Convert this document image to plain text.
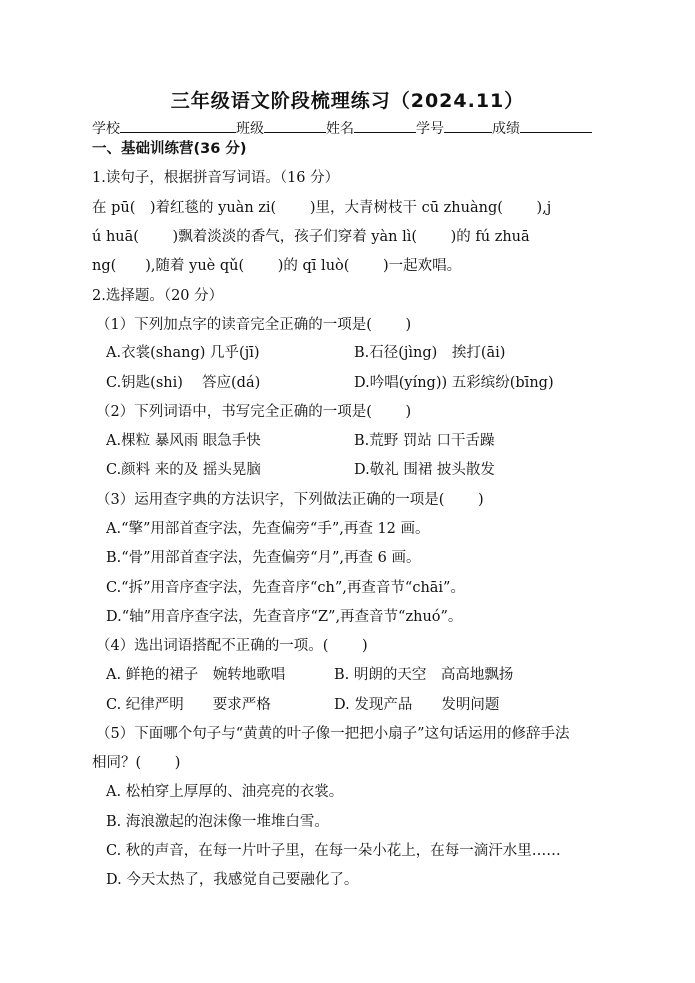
三年级语文阶段梳理练习（2024.11）
学校	班级	姓名	学号	成绩
一、基础训练营(36 分)
1.读句子，根据拼音写词语。（16 分）
在 pū(　)着红毯的 yuàn zi(　　 )里，大青树枝干 cū zhuàng(　　 ),j
ú huā(　　 )飘着淡淡的香气，孩子们穿着 yàn lì(　　 )的 fú zhuā
ng(　　),随着 yuè qǔ(　　 )的 qī luò(　　 )一起欢唱。
2.选择题。（20 分）
（1）下列加点字的读音完全正确的一项是(　　 )
A.衣裳(shang) 几乎(jī)	B.石径(jìng)　挨打(āi)
C.钥匙(shi)　 答应(dá)	D.吟唱(yíng)) 五彩缤纷(bīng)
（2）下列词语中，书写完全正确的一项是(　　 )
A.棵粒 暴风雨 眼急手快	B.荒野 罚站 口干舌躁
C.颜料 来的及 摇头晃脑	D.敬礼 围裙 披头散发
（3）运用查字典的方法识字，下列做法正确的一项是(　　 )
A.“擎”用部首查字法，先查偏旁“手”,再查 12 画。
B.“骨”用部首查字法，先查偏旁“月”,再查 6 画。
C.“拆”用音序查字法，先查音序“ch”,再查音节“chāi”。
D.“轴”用音序查字法，先查音序“Z”,再查音节“zhuó”。
（4）选出词语搭配不正确的一项。(　　 )
A. 鲜艳的裙子　婉转地歌唱	B. 明朗的天空　高高地飘扬
C. 纪律严明　　要求严格	D. 发现产品　　发明问题
（5）下面哪个句子与“黄黄的叶子像一把把小扇子”这句话运用的修辞手法
相同？(　　 )
A. 松柏穿上厚厚的、油亮亮的衣裳。
B. 海浪激起的泡沫像一堆堆白雪。
C. 秋的声音，在每一片叶子里，在每一朵小花上，在每一滴汗水里……
D. 今天太热了，我感觉自己要融化了。
